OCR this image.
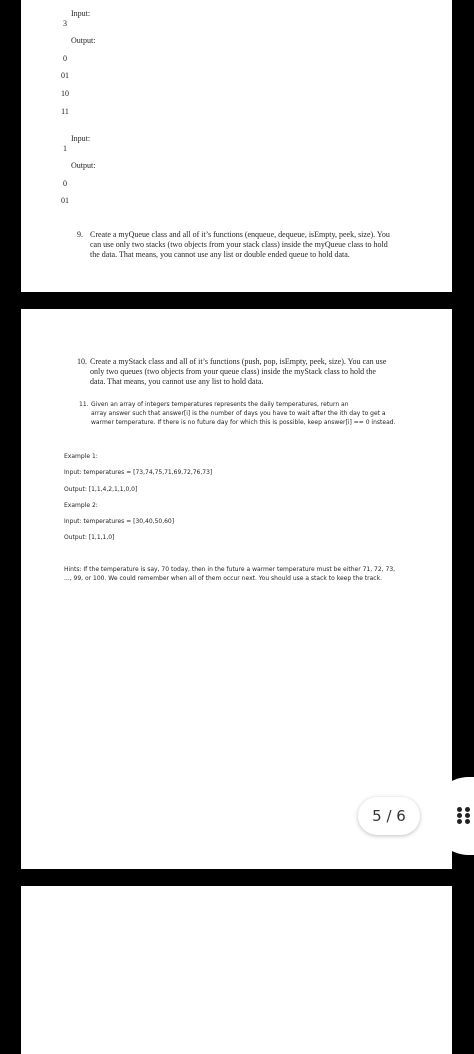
Input:
3
Output:
0
01
10
11
Input:
1
Output:
0
01
9. Create a myQueue class and all of it’s functions (enqueue, dequeue, isEmpty, peek, size). You
can use only two stacks (two objects from your stack class) inside the myQueue class to hold
the data. That means, you cannot use any list or double ended queue to hold data.
10. Create a myStack class and all of it’s functions (push, pop, isEmpty, peek, size). You can use
only two queues (two objects from your queue class) inside the myStack class to hold the
data. That means, you cannot use any list to hold data.
11. Given an array of integers temperatures represents the daily temperatures, return an
array answer such that answer[i] is the number of days you have to wait after the ith day to get a
warmer temperature. If there is no future day for which this is possible, keep answer[i] == 0 instead.
Example 1:
Input: temperatures = [73,74,75,71,69,72,76,73]
Output: [1,1,4,2,1,1,0,0]
Example 2:
Input: temperatures = [30,40,50,60]
Output: [1,1,1,0]
Hints: If the temperature is say, 70 today, then in the future a warmer temperature must be either 71, 72, 73,
..., 99, or 100. We could remember when all of them occur next. You should use a stack to keep the track.
5 / 6
